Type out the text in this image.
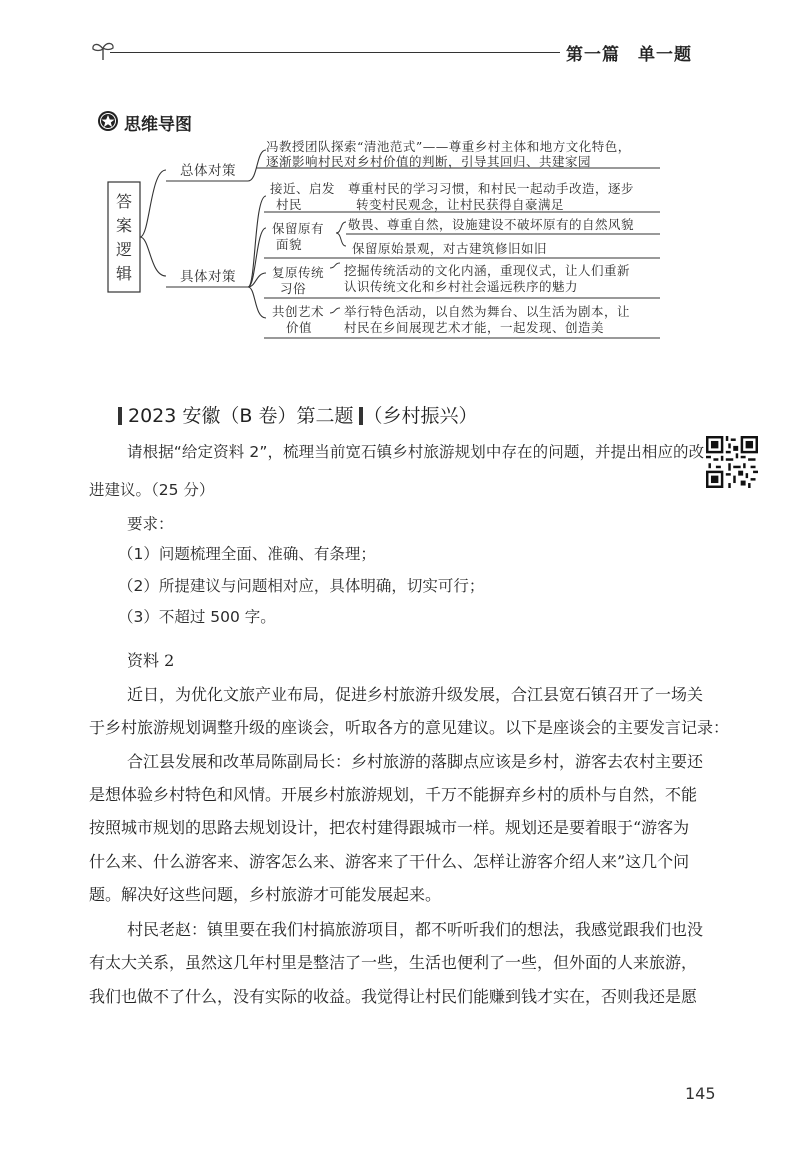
第一篇　单一题
思维导图
答案逻辑
总体对策
具体对策
冯教授团队探索“清池范式”——尊重乡村主体和地方文化特色，
逐渐影响村民对乡村价值的判断，引导其回归、共建家园
接近、启发
村民
尊重村民的学习习惯，和村民一起动手改造，逐步
转变村民观念，让村民获得自豪满足
保留原有
面貌
敬畏、尊重自然，设施建设不破坏原有的自然风貌
保留原始景观，对古建筑修旧如旧
复原传统
习俗
挖掘传统活动的文化内涵，重现仪式，让人们重新
认识传统文化和乡村社会遥远秩序的魅力
共创艺术
价值
举行特色活动，以自然为舞台、以生活为剧本，让
村民在乡间展现艺术才能，一起发现、创造美
2023 安徽（B 卷）第二题 （乡村振兴）
请根据“给定资料 2”，梳理当前宽石镇乡村旅游规划中存在的问题，并提出相应的改
进建议。（25 分）
要求：
（1）问题梳理全面、准确、有条理；
（2）所提建议与问题相对应，具体明确，切实可行；
（3）不超过 500 字。
资料 2
近日，为优化文旅产业布局，促进乡村旅游升级发展，合江县宽石镇召开了一场关
于乡村旅游规划调整升级的座谈会，听取各方的意见建议。以下是座谈会的主要发言记录：
合江县发展和改革局陈副局长：乡村旅游的落脚点应该是乡村，游客去农村主要还
是想体验乡村特色和风情。开展乡村旅游规划，千万不能摒弃乡村的质朴与自然，不能
按照城市规划的思路去规划设计，把农村建得跟城市一样。规划还是要着眼于“游客为
什么来、什么游客来、游客怎么来、游客来了干什么、怎样让游客介绍人来”这几个问
题。解决好这些问题，乡村旅游才可能发展起来。
村民老赵：镇里要在我们村搞旅游项目，都不听听我们的想法，我感觉跟我们也没
有太大关系，虽然这几年村里是整洁了一些，生活也便利了一些，但外面的人来旅游，
我们也做不了什么，没有实际的收益。我觉得让村民们能赚到钱才实在，否则我还是愿
145
